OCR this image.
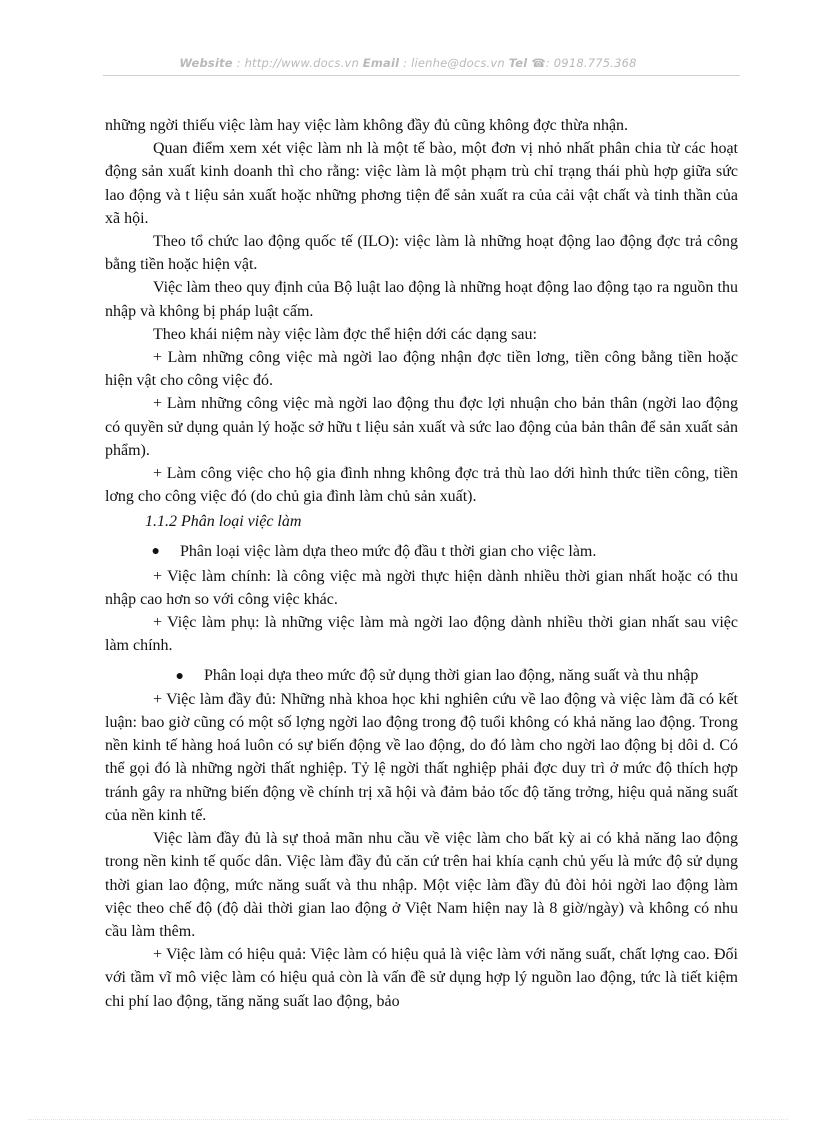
Website : http://www.docs.vn Email : lienhe@docs.vn Tel ☎: 0918.775.368

những ngời thiếu việc làm hay việc làm không đầy đủ cũng không đợc thừa nhận.

Quan điểm xem xét việc làm nh là một tế bào, một đơn vị nhỏ nhất phân chia từ các hoạt động sản xuất kinh doanh thì cho rằng: việc làm là một phạm trù chỉ trạng thái phù hợp giữa sức lao động và t liệu sản xuất hoặc những phơng tiện để sản xuất ra của cải vật chất và tinh thần của xã hội.

Theo tổ chức lao động quốc tế (ILO): việc làm là những hoạt động lao động đợc trả công bằng tiền hoặc hiện vật.

Việc làm theo quy định của Bộ luật lao động là những hoạt động lao động tạo ra nguồn thu nhập và không bị pháp luật cấm.

Theo khái niệm này việc làm đợc thể hiện dới các dạng sau:

+ Làm những công việc mà ngời lao động nhận đợc tiền lơng, tiền công bằng tiền hoặc hiện vật cho công việc đó.

+ Làm những công việc mà ngời lao động thu đợc lợi nhuận cho bản thân (ngời lao động có quyền sử dụng quản lý hoặc sở hữu t liệu sản xuất và sức lao động của bản thân để sản xuất sản phẩm).

+ Làm công việc cho hộ gia đình nhng không đợc trả thù lao dới hình thức tiền công, tiền lơng cho công việc đó (do chủ gia đình làm chủ sản xuất).

1.1.2 Phân loại việc làm

●	Phân loại việc làm dựa theo mức độ đầu t thời gian cho việc làm.

+ Việc làm chính: là công việc mà ngời thực hiện dành nhiều thời gian nhất hoặc có thu nhập cao hơn so với công việc khác.

+ Việc làm phụ: là những việc làm mà ngời lao động dành nhiều thời gian nhất sau việc làm chính.

● Phân loại dựa theo mức độ sử dụng thời gian lao động, năng suất và thu nhập

+ Việc làm đầy đủ: Những nhà khoa học khi nghiên cứu về lao động và việc làm đã có kết luận: bao giờ cũng có một số lợng ngời lao động trong độ tuổi không có khả năng lao động. Trong nền kinh tế hàng hoá luôn có sự biến động về lao động, do đó làm cho ngời lao động bị dôi d. Có thể gọi đó là những ngời thất nghiệp. Tỷ lệ ngời thất nghiệp phải đợc duy trì ở mức độ thích hợp tránh gây ra những biến động về chính trị xã hội và đảm bảo tốc độ tăng trởng, hiệu quả năng suất của nền kinh tế.

Việc làm đầy đủ là sự thoả mãn nhu cầu về việc làm cho bất kỳ ai có khả năng lao động trong nền kinh tế quốc dân. Việc làm đầy đủ căn cứ trên hai khía cạnh chủ yếu là mức độ sử dụng thời gian lao động, mức năng suất và thu nhập. Một việc làm đầy đủ đòi hỏi ngời lao động làm việc theo chế độ (độ dài thời gian lao động ở Việt Nam hiện nay là 8 giờ/ngày) và không có nhu cầu làm thêm.

+ Việc làm có hiệu quả: Việc làm có hiệu quả là việc làm với năng suất, chất lợng cao. Đối với tầm vĩ mô việc làm có hiệu quả còn là vấn đề sử dụng hợp lý nguồn lao động, tức là tiết kiệm chi phí lao động, tăng năng suất lao động, bảo
